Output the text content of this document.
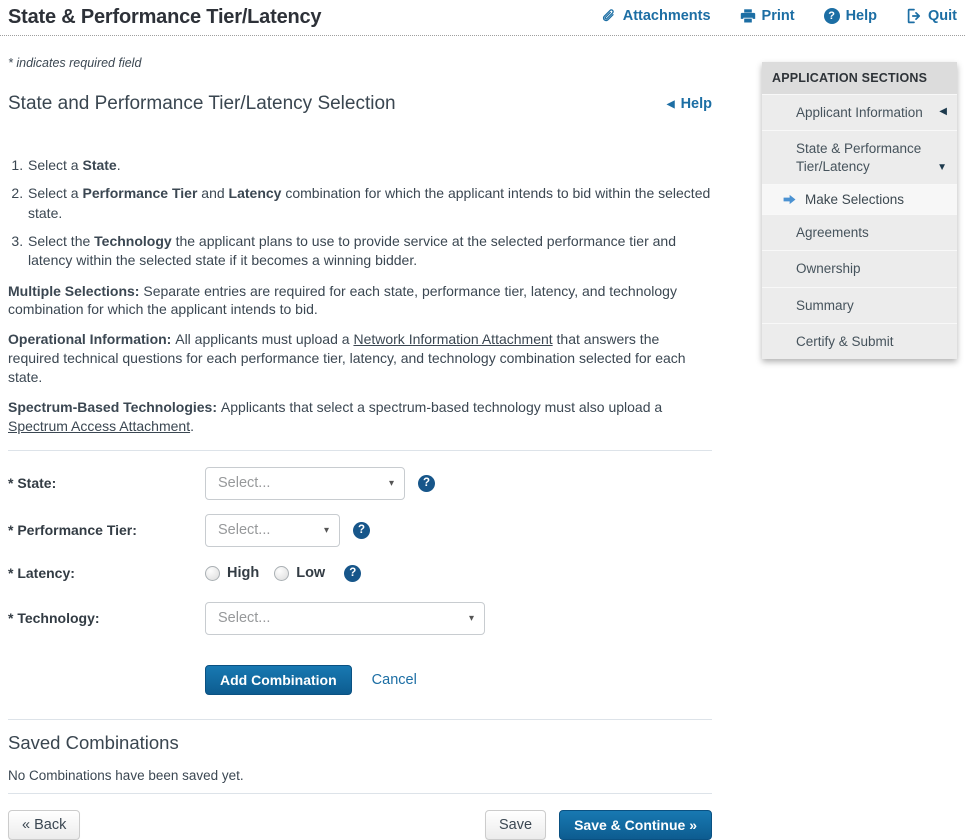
State & Performance Tier/Latency	Attachments	Print	? Help	Quit
* indicates required field
APPLICATION SECTIONS
Applicant Information ◀
State & Performance Tier/Latency	▼
Make Selections
Agreements
Ownership
Summary
Certify & Submit
State and Performance Tier/Latency Selection	◀ Help
1. Select a State.
2. Select a Performance Tier and Latency combination for which the applicant intends to bid within the selected state.
3. Select the Technology the applicant plans to use to provide service at the selected performance tier and latency within the selected state if it becomes a winning bidder.

Multiple Selections: Separate entries are required for each state, performance tier, latency, and technology combination for which the applicant intends to bid.

Operational Information: All applicants must upload a Network Information Attachment that answers the required technical questions for each performance tier, latency, and technology combination selected for each state.

Spectrum-Based Technologies: Applicants that select a spectrum-based technology must also upload a Spectrum Access Attachment.

* State:	Select...	▾	?
* Performance Tier:	Select...	▾	?
* Latency:	High	Low	?
* Technology:	Select...	▾
Add Combination	Cancel
Saved Combinations

No Combinations have been saved yet.

« Back	Save	Save & Continue »
